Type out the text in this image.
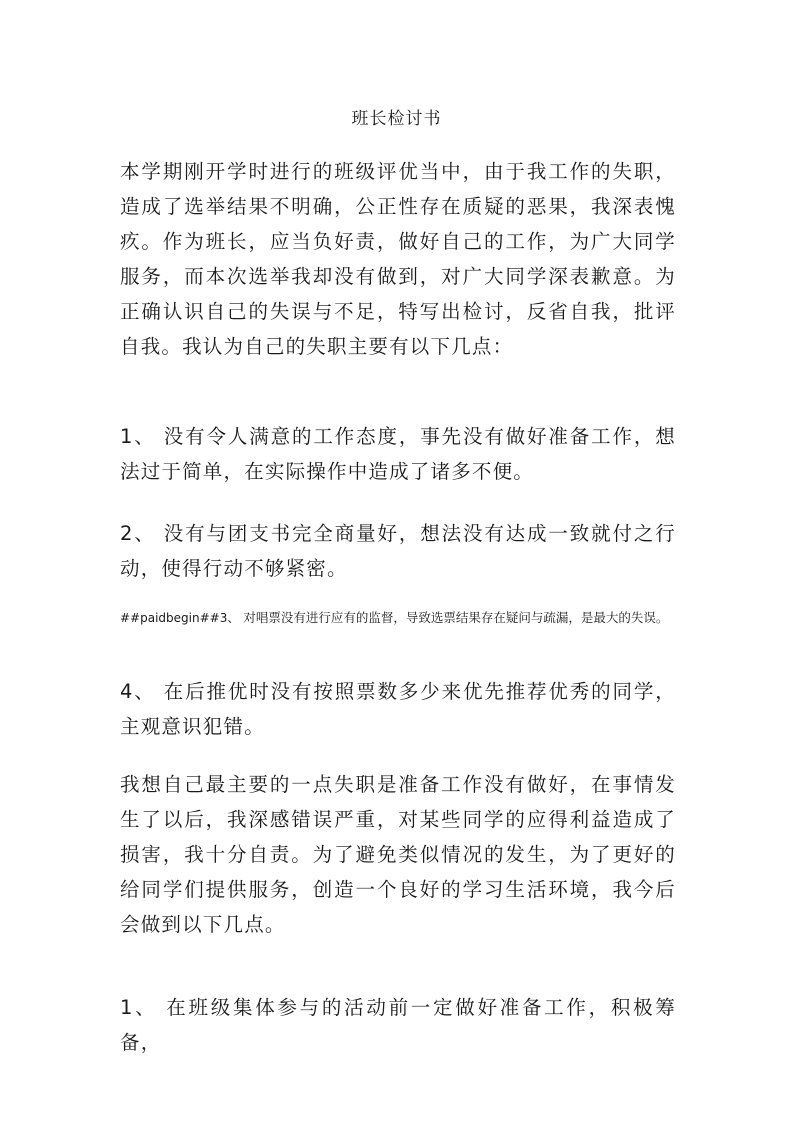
班长检讨书
本学期刚开学时进行的班级评优当中，由于我工作的失职，造成了选举结果不明确，公正性存在质疑的恶果，我深表愧疚。作为班长，应当负好责，做好自己的工作，为广大同学服务，而本次选举我却没有做到，对广大同学深表歉意。为正确认识自己的失误与不足，特写出检讨，反省自我，批评自我。我认为自己的失职主要有以下几点：
1、 没有令人满意的工作态度，事先没有做好准备工作，想法过于简单，在实际操作中造成了诸多不便。
2、 没有与团支书完全商量好，想法没有达成一致就付之行动，使得行动不够紧密。
##paidbegin##3、 对唱票没有进行应有的监督，导致选票结果存在疑问与疏漏，是最大的失误。
4、 在后推优时没有按照票数多少来优先推荐优秀的同学，主观意识犯错。
我想自己最主要的一点失职是准备工作没有做好，在事情发生了以后，我深感错误严重，对某些同学的应得利益造成了损害，我十分自责。为了避免类似情况的发生，为了更好的给同学们提供服务，创造一个良好的学习生活环境，我今后会做到以下几点。
1、 在班级集体参与的活动前一定做好准备工作，积极筹备，
